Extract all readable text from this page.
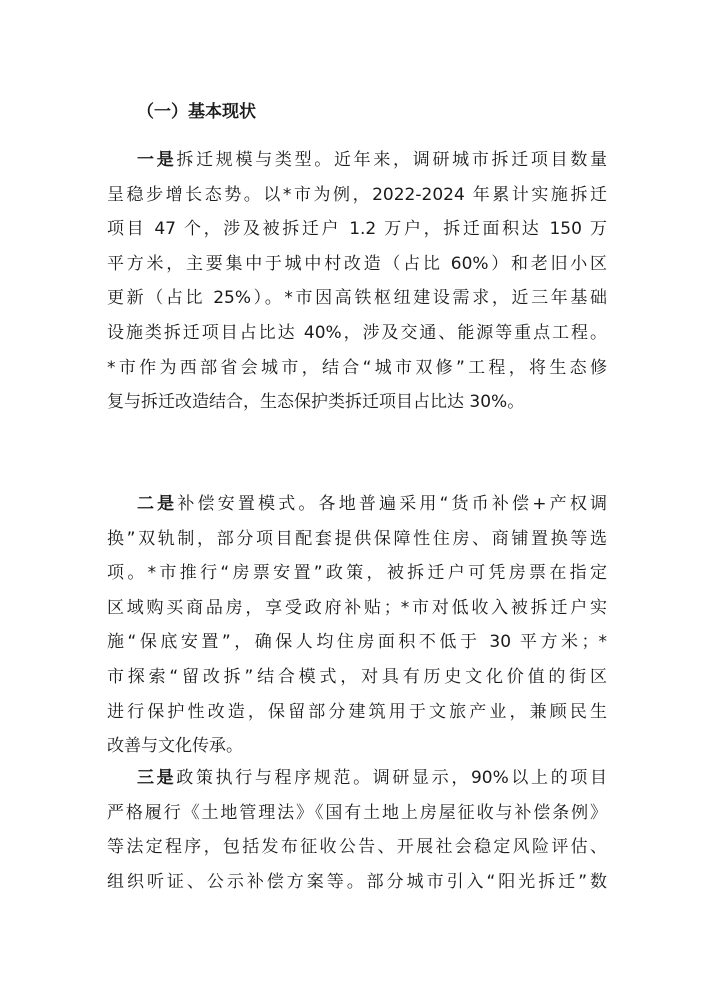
（一）基本现状
一是拆迁规模与类型。近年来，调研城市拆迁项目数量
呈稳步增长态势。以*市为例，2022-2024 年累计实施拆迁
项目 47 个，涉及被拆迁户 1.2 万户，拆迁面积达 150 万
平方米，主要集中于城中村改造（占比 60%）和老旧小区
更新（占比 25%）。*市因高铁枢纽建设需求，近三年基础
设施类拆迁项目占比达 40%，涉及交通、能源等重点工程。
*市作为西部省会城市，结合“城市双修”工程，将生态修
复与拆迁改造结合，生态保护类拆迁项目占比达 30%。
二是补偿安置模式。各地普遍采用“货币补偿+产权调
换”双轨制，部分项目配套提供保障性住房、商铺置换等选
项。*市推行“房票安置”政策，被拆迁户可凭房票在指定
区域购买商品房，享受政府补贴；*市对低收入被拆迁户实
施“保底安置”，确保人均住房面积不低于 30 平方米；*
市探索“留改拆”结合模式，对具有历史文化价值的街区
进行保护性改造，保留部分建筑用于文旅产业，兼顾民生
改善与文化传承。
三是政策执行与程序规范。调研显示，90%以上的项目
严格履行《土地管理法》《国有土地上房屋征收与补偿条例》
等法定程序，包括发布征收公告、开展社会稳定风险评估、
组织听证、公示补偿方案等。部分城市引入“阳光拆迁”数
